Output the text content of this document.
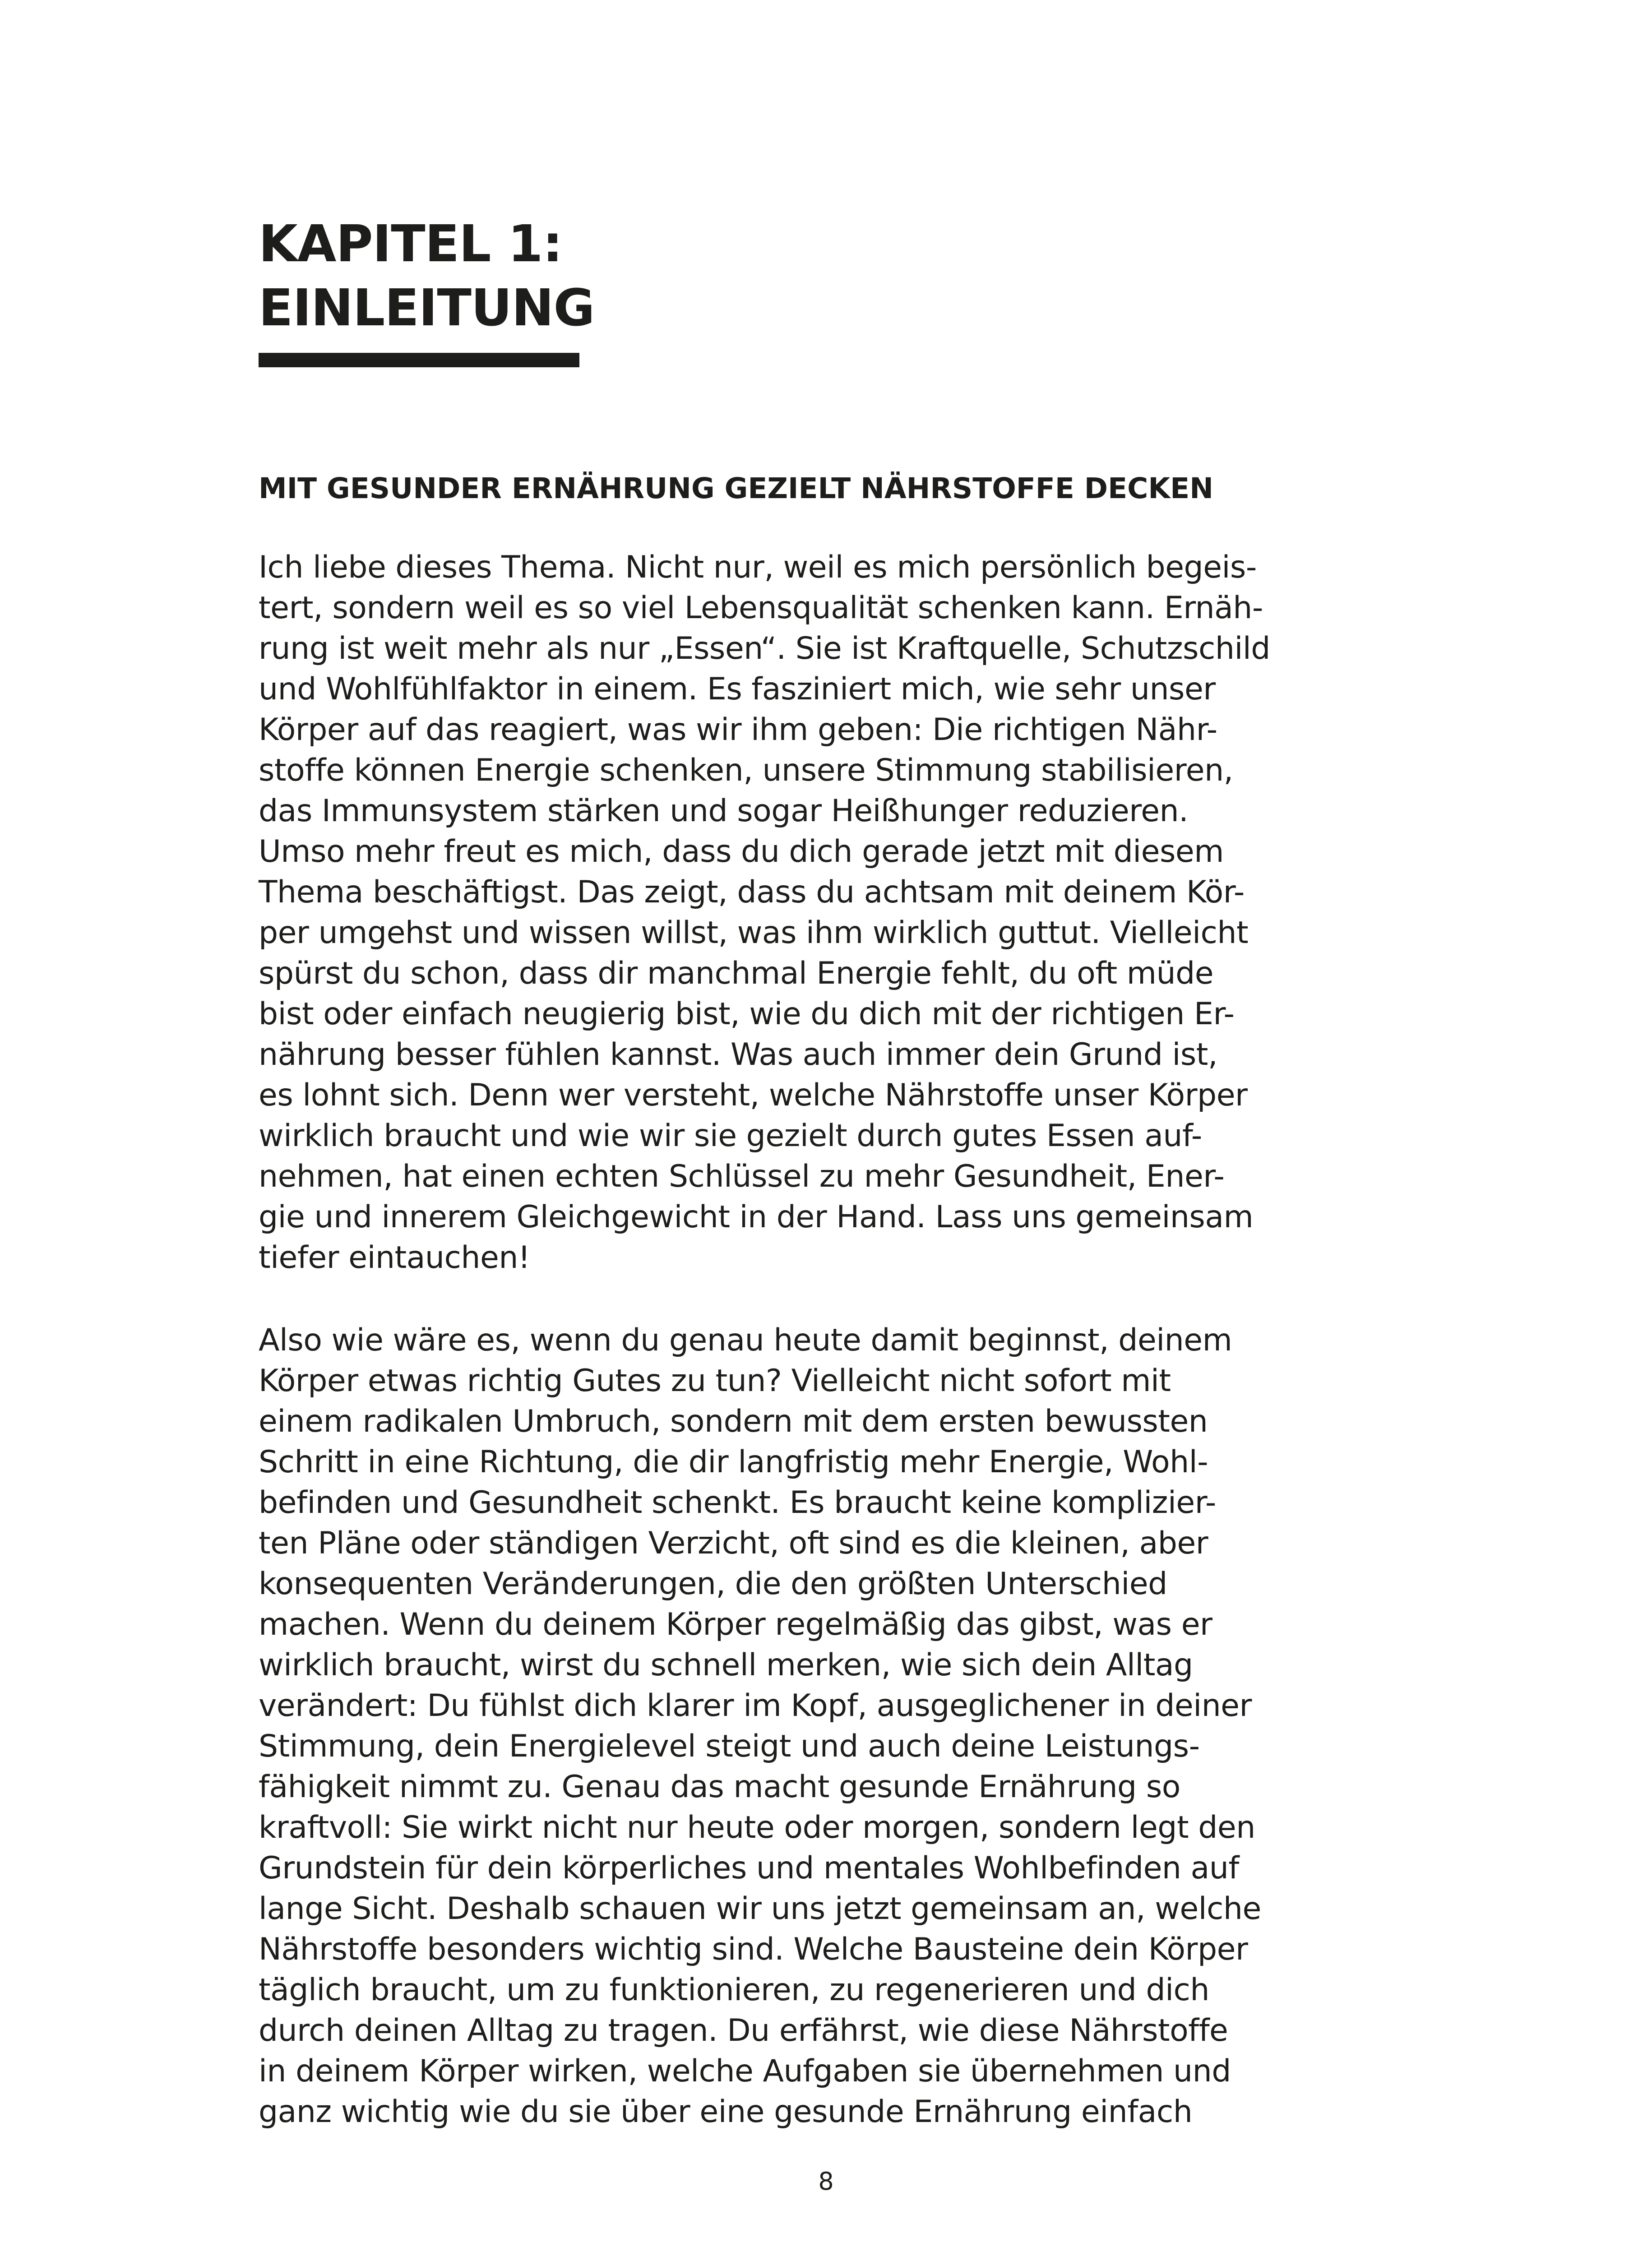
KAPITEL 1:
EINLEITUNG
MIT GESUNDER ERNÄHRUNG GEZIELT NÄHRSTOFFE DECKEN

Ich liebe dieses Thema. Nicht nur, weil es mich persönlich begeis-
tert, sondern weil es so viel Lebensqualität schenken kann. Ernäh-
rung ist weit mehr als nur „Essen“. Sie ist Kraftquelle, Schutzschild
und Wohlfühlfaktor in einem. Es fasziniert mich, wie sehr unser
Körper auf das reagiert, was wir ihm geben: Die richtigen Nähr-
stoffe können Energie schenken, unsere Stimmung stabilisieren,
das Immunsystem stärken und sogar Heißhunger reduzieren.
Umso mehr freut es mich, dass du dich gerade jetzt mit diesem
Thema beschäftigst. Das zeigt, dass du achtsam mit deinem Kör-
per umgehst und wissen willst, was ihm wirklich guttut. Vielleicht
spürst du schon, dass dir manchmal Energie fehlt, du oft müde
bist oder einfach neugierig bist, wie du dich mit der richtigen Er-
nährung besser fühlen kannst. Was auch immer dein Grund ist,
es lohnt sich. Denn wer versteht, welche Nährstoffe unser Körper
wirklich braucht und wie wir sie gezielt durch gutes Essen auf-
nehmen, hat einen echten Schlüssel zu mehr Gesundheit, Ener-
gie und innerem Gleichgewicht in der Hand. Lass uns gemeinsam
tiefer eintauchen!

Also wie wäre es, wenn du genau heute damit beginnst, deinem
Körper etwas richtig Gutes zu tun? Vielleicht nicht sofort mit
einem radikalen Umbruch, sondern mit dem ersten bewussten
Schritt in eine Richtung, die dir langfristig mehr Energie, Wohl-
befinden und Gesundheit schenkt. Es braucht keine komplizier-
ten Pläne oder ständigen Verzicht, oft sind es die kleinen, aber
konsequenten Veränderungen, die den größten Unterschied
machen. Wenn du deinem Körper regelmäßig das gibst, was er
wirklich braucht, wirst du schnell merken, wie sich dein Alltag
verändert: Du fühlst dich klarer im Kopf, ausgeglichener in deiner
Stimmung, dein Energielevel steigt und auch deine Leistungs-
fähigkeit nimmt zu. Genau das macht gesunde Ernährung so
kraftvoll: Sie wirkt nicht nur heute oder morgen, sondern legt den
Grundstein für dein körperliches und mentales Wohlbefinden auf
lange Sicht. Deshalb schauen wir uns jetzt gemeinsam an, welche
Nährstoffe besonders wichtig sind. Welche Bausteine dein Körper
täglich braucht, um zu funktionieren, zu regenerieren und dich
durch deinen Alltag zu tragen. Du erfährst, wie diese Nährstoffe
in deinem Körper wirken, welche Aufgaben sie übernehmen und
ganz wichtig wie du sie über eine gesunde Ernährung einfach

8
